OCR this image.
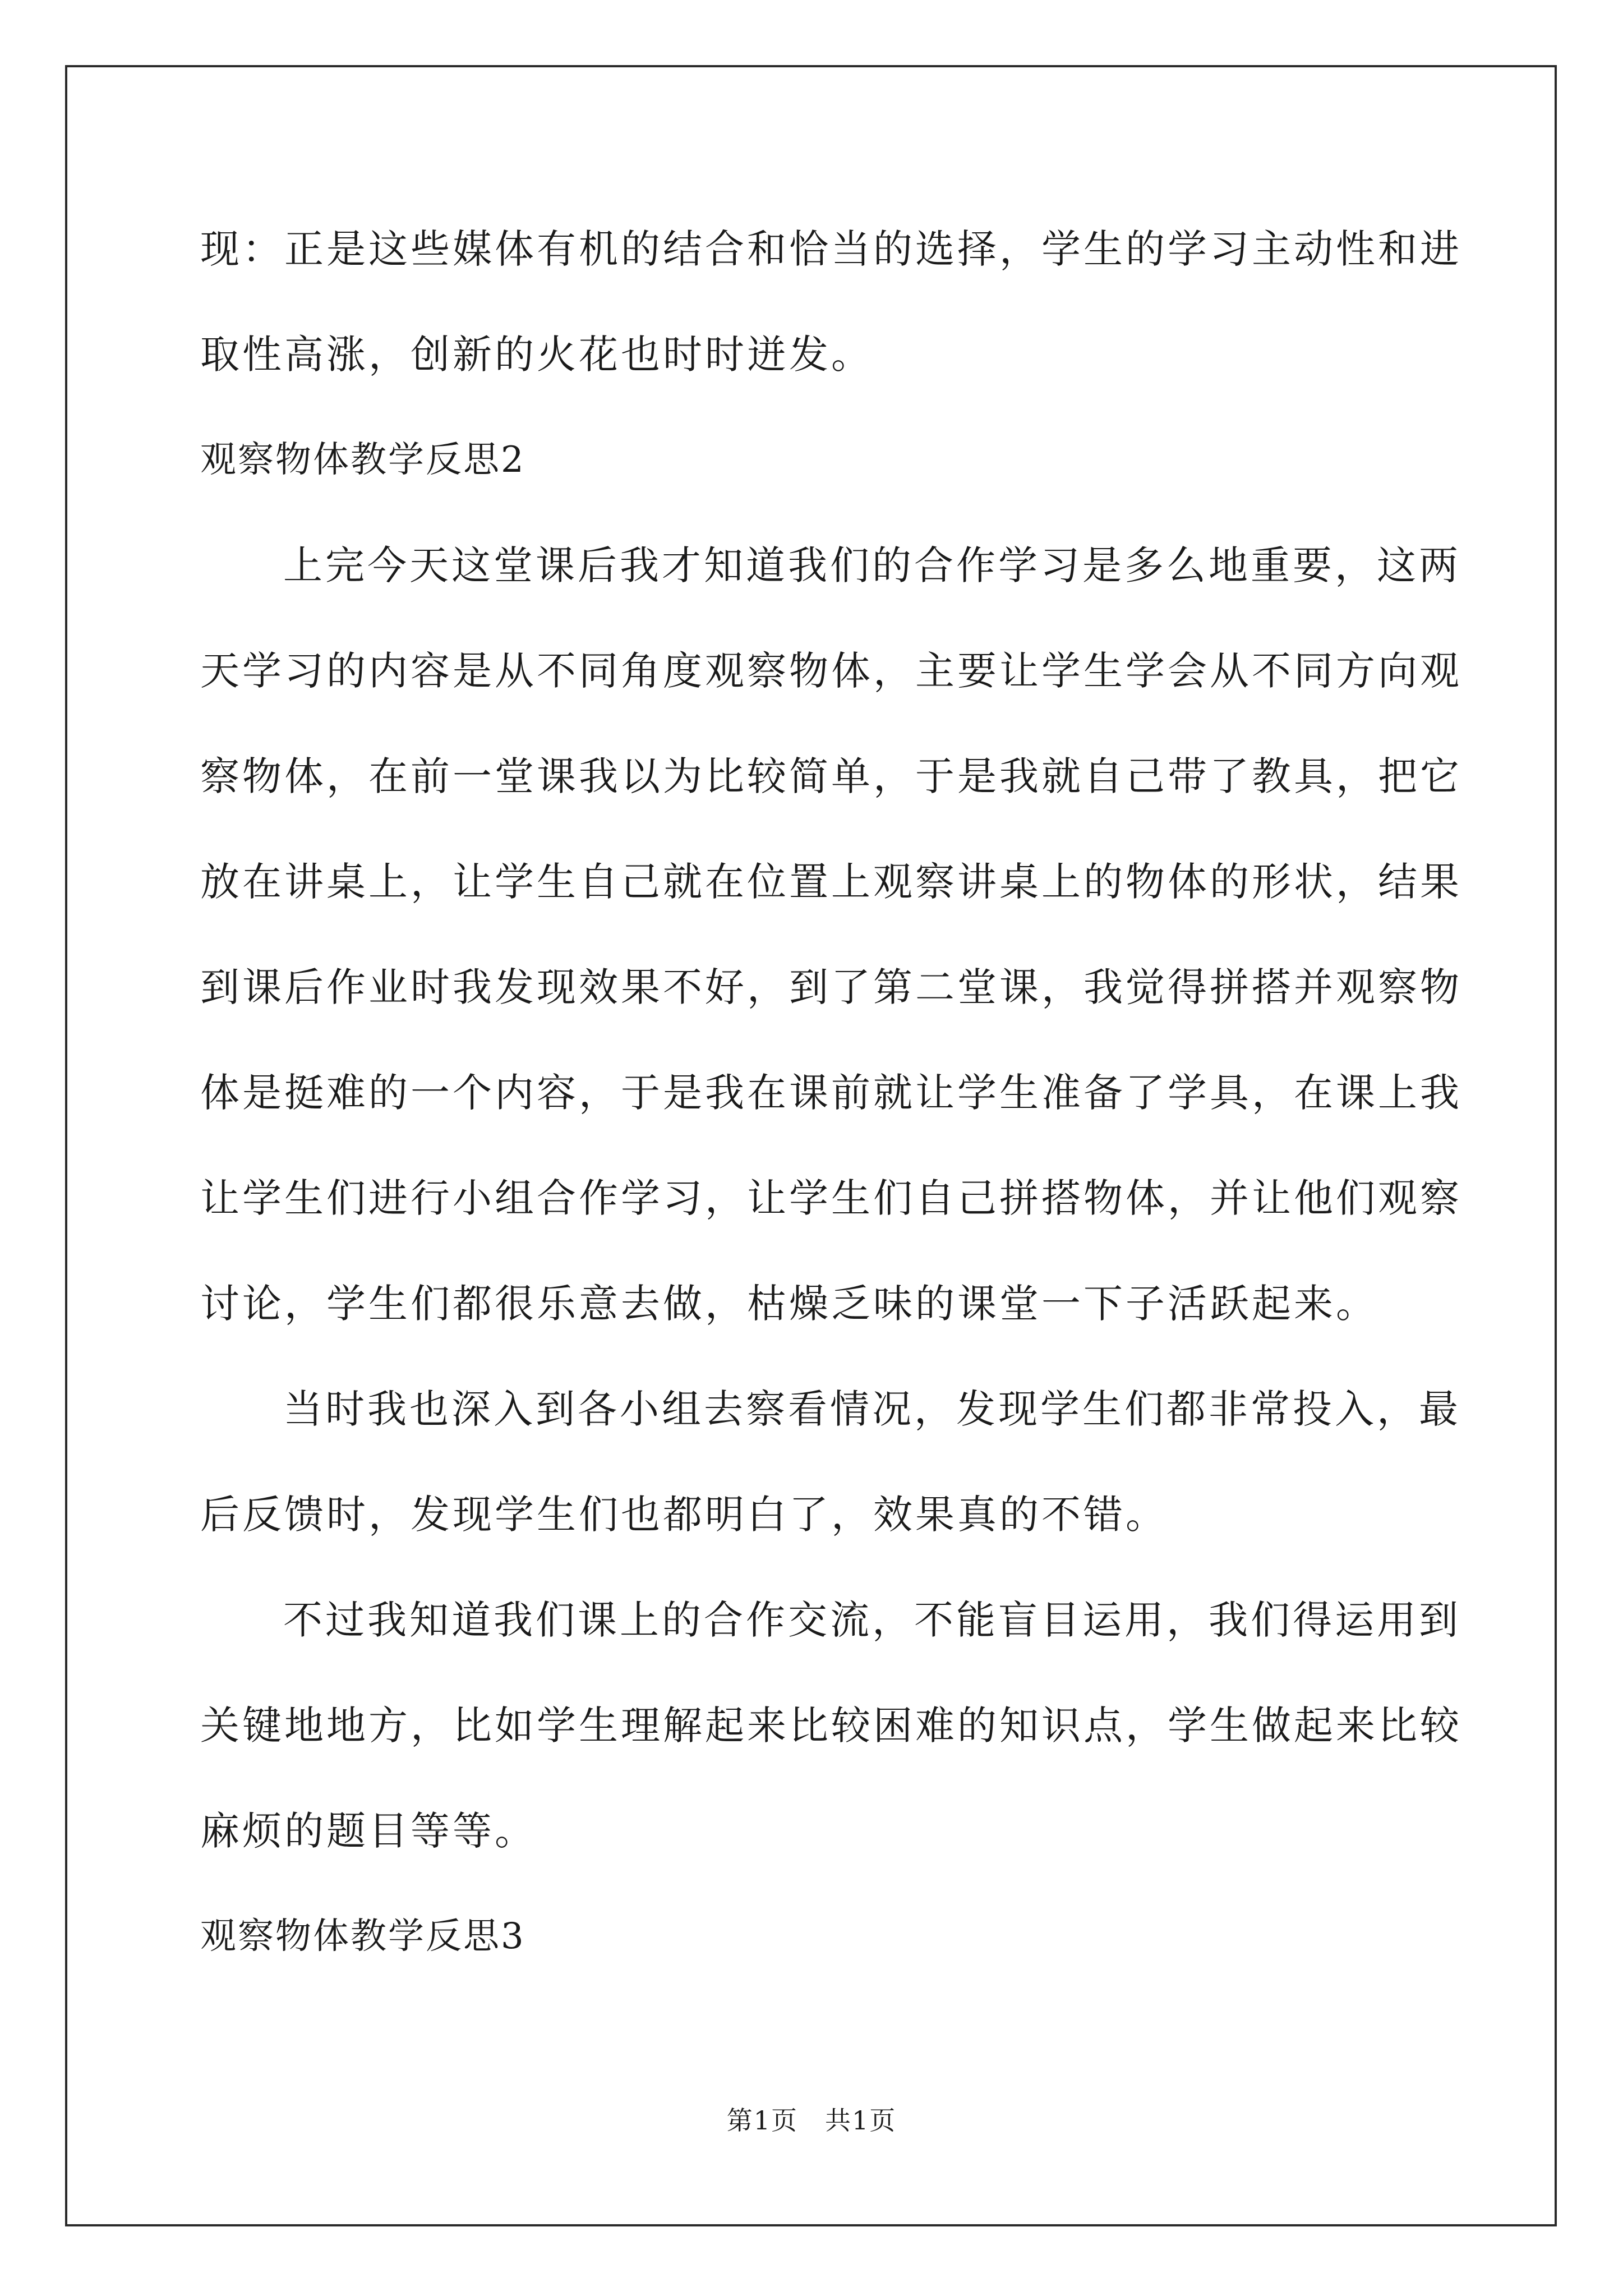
现：正是这些媒体有机的结合和恰当的选择，学生的学习主动性和进
取性高涨，创新的火花也时时迸发。
观察物体教学反思2
上完今天这堂课后我才知道我们的合作学习是多么地重要，这两
天学习的内容是从不同角度观察物体，主要让学生学会从不同方向观
察物体，在前一堂课我以为比较简单，于是我就自己带了教具，把它
放在讲桌上，让学生自己就在位置上观察讲桌上的物体的形状，结果
到课后作业时我发现效果不好，到了第二堂课，我觉得拼搭并观察物
体是挺难的一个内容，于是我在课前就让学生准备了学具，在课上我
让学生们进行小组合作学习，让学生们自己拼搭物体，并让他们观察
讨论，学生们都很乐意去做，枯燥乏味的课堂一下子活跃起来。
当时我也深入到各小组去察看情况，发现学生们都非常投入，最
后反馈时，发现学生们也都明白了，效果真的不错。
不过我知道我们课上的合作交流，不能盲目运用，我们得运用到
关键地地方，比如学生理解起来比较困难的知识点，学生做起来比较
麻烦的题目等等。
观察物体教学反思3
第1页　共1页
